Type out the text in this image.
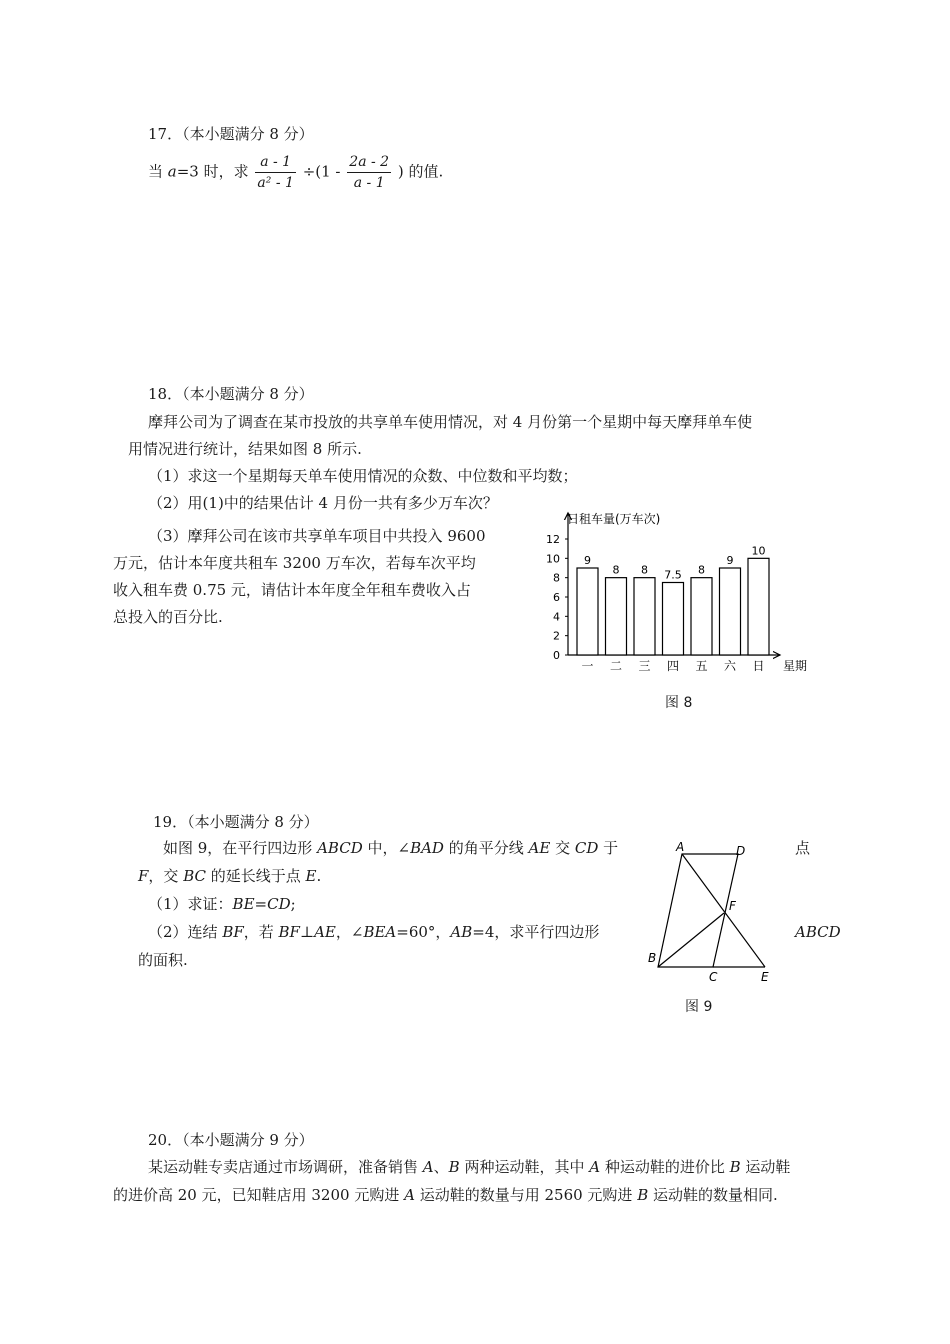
17．（本小题满分 8 分）
当 a=3 时，求 $\frac{a - 1}{\text{a² - 1}} \div(1 - \frac{2a - 2}{a - 1}$ ) 的值.
18．（本小题满分 8 分）
摩拜公司为了调查在某市投放的共享单车使用情况，对 4 月份第一个星期中每天摩拜单车使
用情况进行统计，结果如图 8 所示.
（1）求这一个星期每天单车使用情况的众数、中位数和平均数；
（2）用(1)中的结果估计 4 月份一共有多少万车次？
（3）摩拜公司在该市共享单车项目中共投入 9600
万元，估计本年度共租车 3200 万车次，若每车次平均
收入租车费 0.75 元，请估计本年度全年租车费收入占
总投入的百分比.
日租车量(万车次)
星期
0
2
4
6
8
10
12
9
一
8
二
8
三
7.5
四
8
五
9
六
10
日
图 8
19．（本小题满分 8 分）
如图 9，在平行四边形 ABCD 中，∠BAD 的角平分线 AE 交 CD 于	点
F，交 BC 的延长线于点 E.
（1）求证：BE=CD;
（2）连结 BF，若 BF⊥AE，∠BEA=60°，AB=4，求平行四边形	ABCD
的面积.
A	D
F
B
C	E
图 9
20．（本小题满分 9 分）
某运动鞋专卖店通过市场调研，准备销售 A、B 两种运动鞋，其中 A 种运动鞋的进价比 B 运动鞋
的进价高 20 元，已知鞋店用 3200 元购进 A 运动鞋的数量与用 2560 元购进 B 运动鞋的数量相同.
